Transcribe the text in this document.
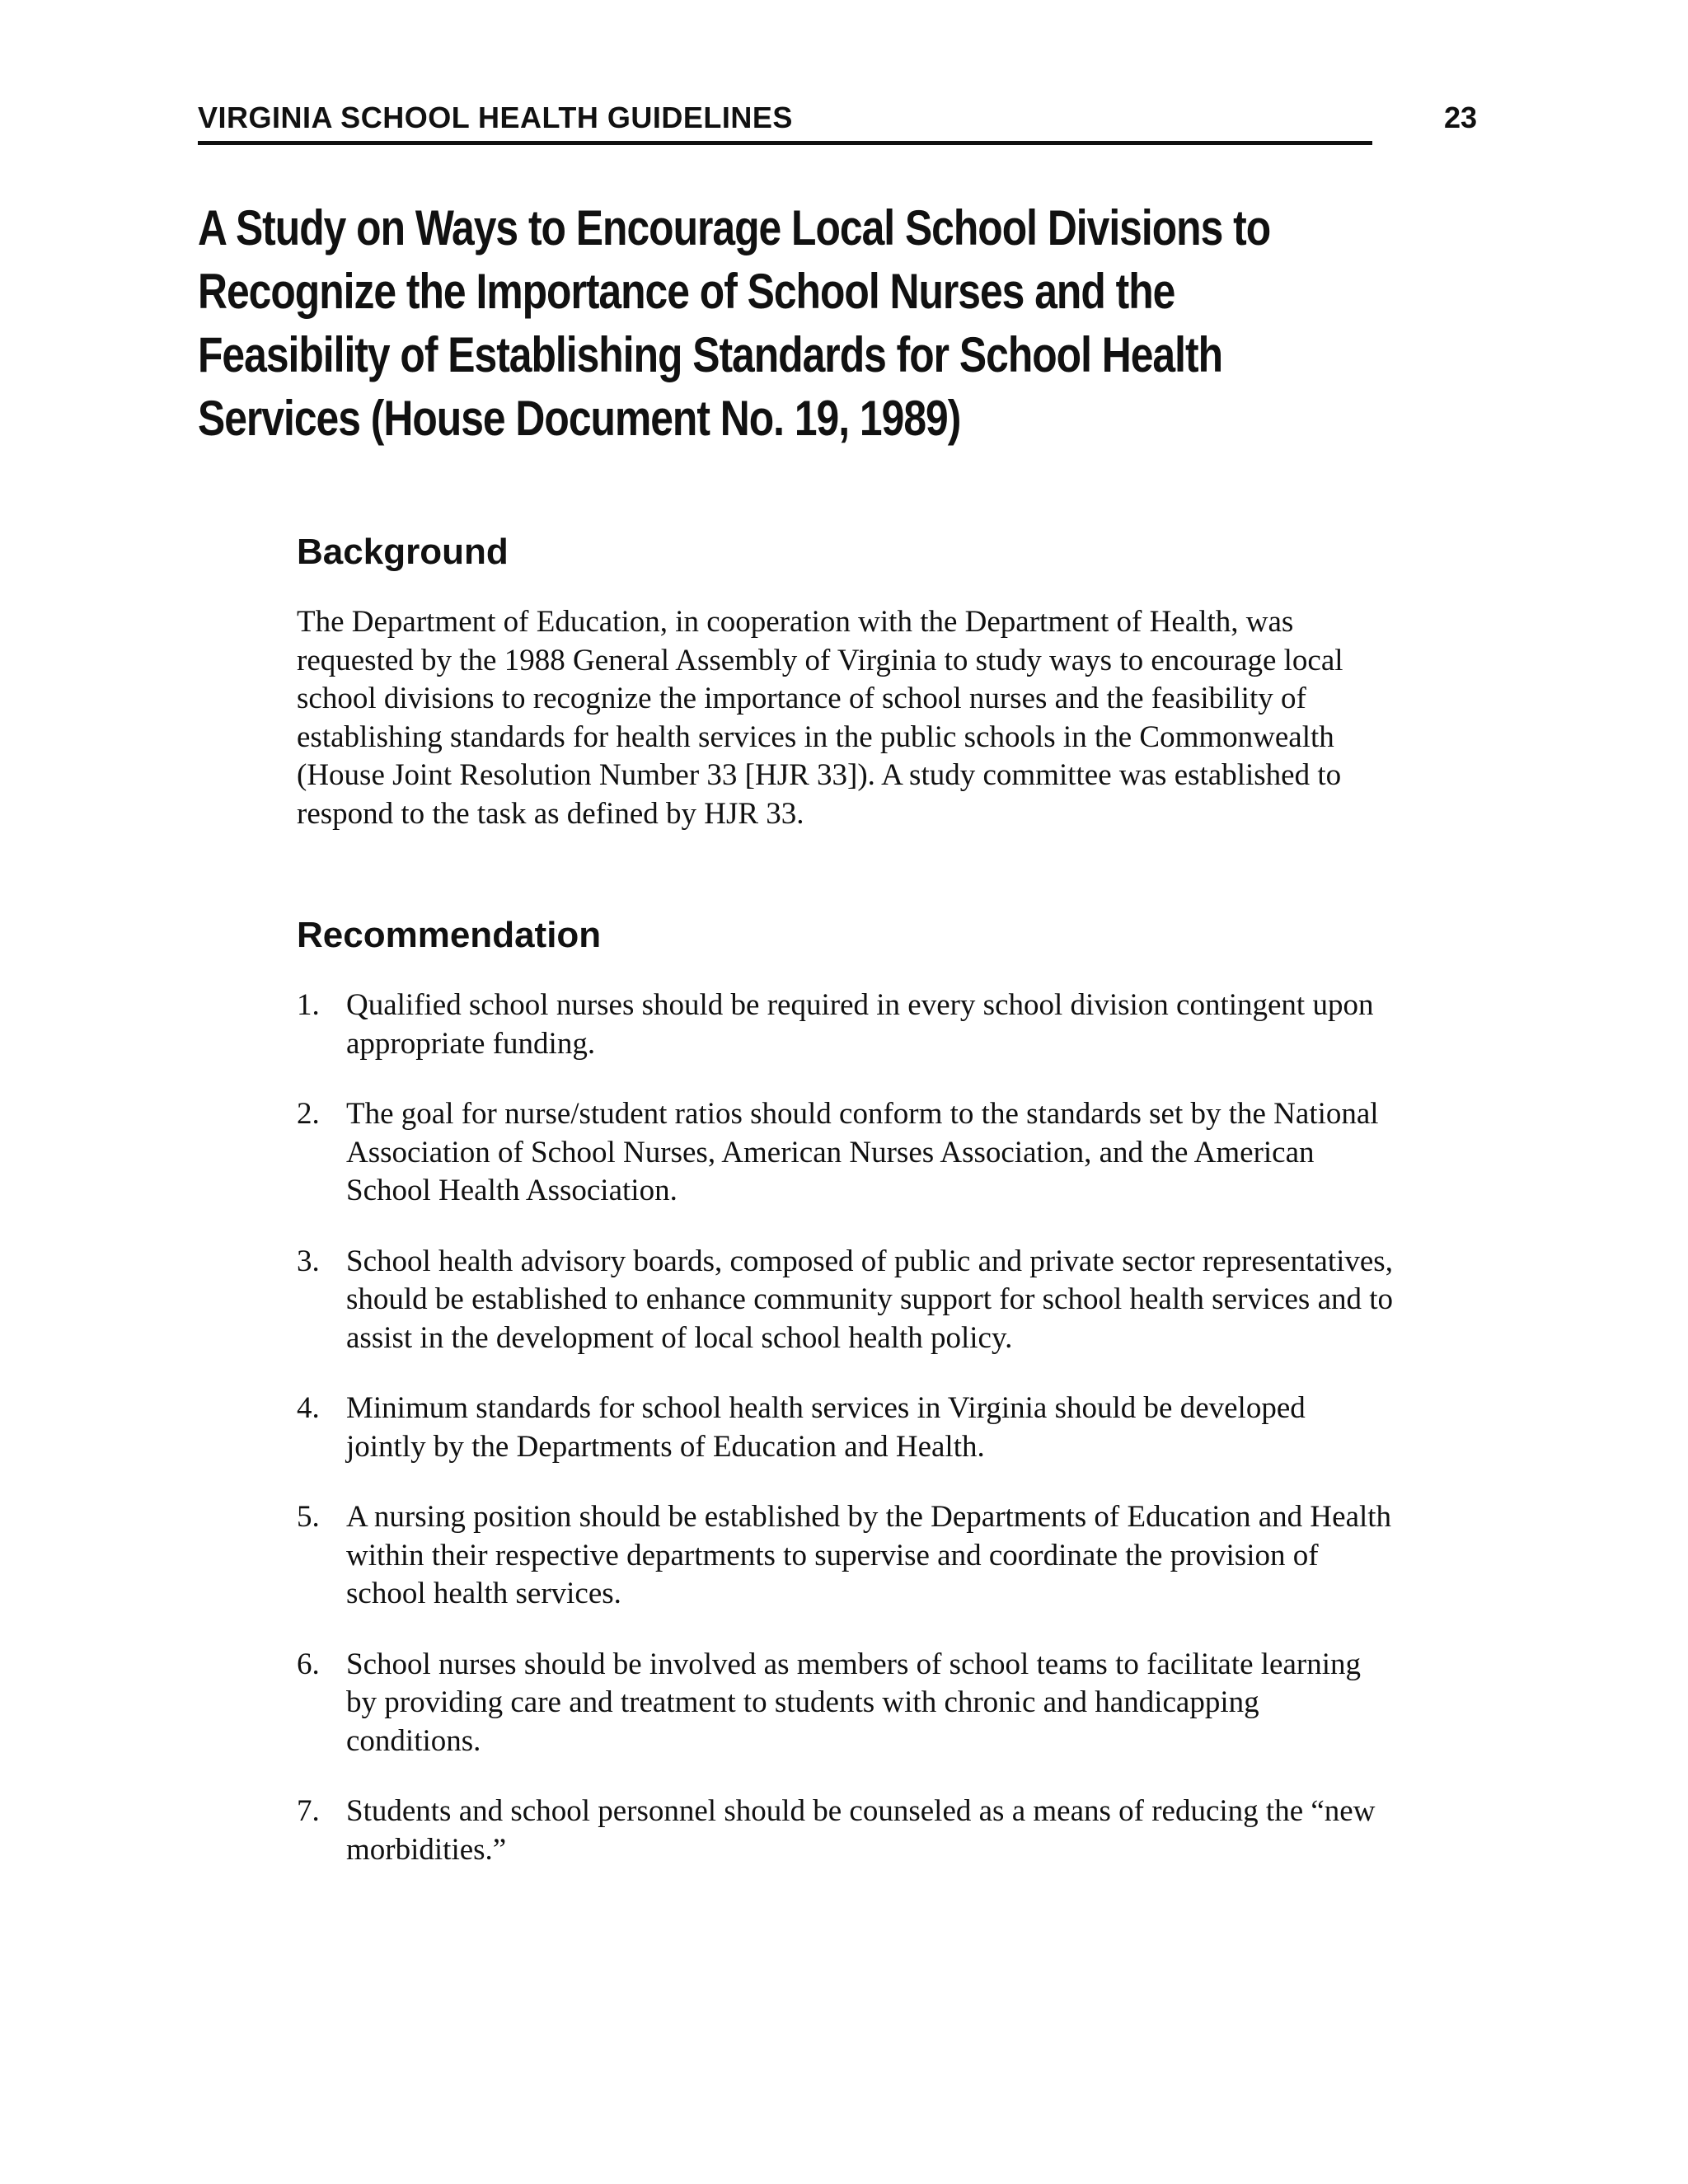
VIRGINIA SCHOOL HEALTH GUIDELINES	23
A Study on Ways to Encourage Local School Divisions to
Recognize the Importance of School Nurses and the
Feasibility of Establishing Standards for School Health
Services (House Document No. 19, 1989)
Background

The Department of Education, in cooperation with the Department of Health, was
requested by the 1988 General Assembly of Virginia to study ways to encourage local
school divisions to recognize the importance of school nurses and the feasibility of
establishing standards for health services in the public schools in the Commonwealth
(House Joint Resolution Number 33 [HJR 33]). A study committee was established to
respond to the task as defined by HJR 33.

Recommendation
1. Qualified school nurses should be required in every school division contingent upon
appropriate funding.
2. The goal for nurse/student ratios should conform to the standards set by the National
Association of School Nurses, American Nurses Association, and the American
School Health Association.
3. School health advisory boards, composed of public and private sector representatives,
should be established to enhance community support for school health services and to
assist in the development of local school health policy.
4. Minimum standards for school health services in Virginia should be developed
jointly by the Departments of Education and Health.
5. A nursing position should be established by the Departments of Education and Health
within their respective departments to supervise and coordinate the provision of
school health services.
6. School nurses should be involved as members of school teams to facilitate learning
by providing care and treatment to students with chronic and handicapping
conditions.
7. Students and school personnel should be counseled as a means of reducing the “new
morbidities.”
